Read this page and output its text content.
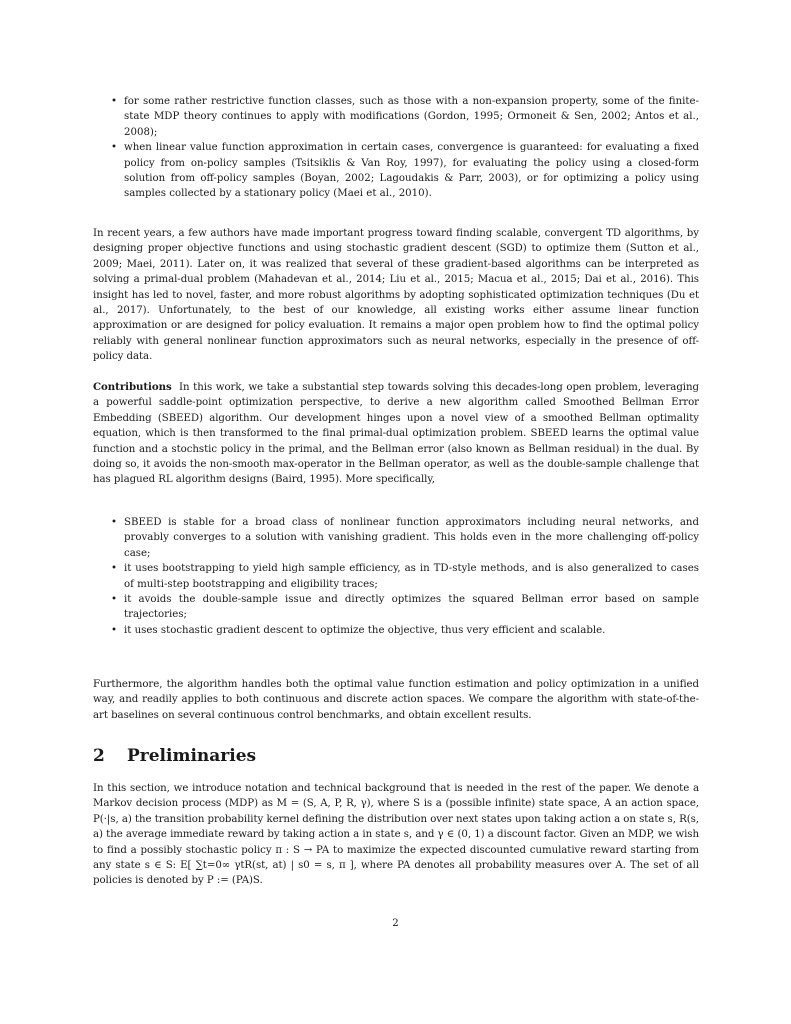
• for some rather restrictive function classes, such as those with a non-expansion property, some of the finite-state MDP theory continues to apply with modifications (Gordon, 1995; Ormoneit & Sen, 2002; Antos et al., 2008);
• when linear value function approximation in certain cases, convergence is guaranteed: for evaluating a fixed policy from on-policy samples (Tsitsiklis & Van Roy, 1997), for evaluating the policy using a closed-form solution from off-policy samples (Boyan, 2002; Lagoudakis & Parr, 2003), or for optimizing a policy using samples collected by a stationary policy (Maei et al., 2010).

In recent years, a few authors have made important progress toward finding scalable, convergent TD algorithms, by designing proper objective functions and using stochastic gradient descent (SGD) to optimize them (Sutton et al., 2009; Maei, 2011). Later on, it was realized that several of these gradient-based algorithms can be interpreted as solving a primal-dual problem (Mahadevan et al., 2014; Liu et al., 2015; Macua et al., 2015; Dai et al., 2016). This insight has led to novel, faster, and more robust algorithms by adopting sophisticated optimization techniques (Du et al., 2017). Unfortunately, to the best of our knowledge, all existing works either assume linear function approximation or are designed for policy evaluation. It remains a major open problem how to find the optimal policy reliably with general nonlinear function approximators such as neural networks, especially in the presence of off-policy data.

Contributions In this work, we take a substantial step towards solving this decades-long open problem, leveraging a powerful saddle-point optimization perspective, to derive a new algorithm called Smoothed Bellman Error Embedding (SBEED) algorithm. Our development hinges upon a novel view of a smoothed Bellman optimality equation, which is then transformed to the final primal-dual optimization problem. SBEED learns the optimal value function and a stochstic policy in the primal, and the Bellman error (also known as Bellman residual) in the dual. By doing so, it avoids the non-smooth max-operator in the Bellman operator, as well as the double-sample challenge that has plagued RL algorithm designs (Baird, 1995). More specifically,

• SBEED is stable for a broad class of nonlinear function approximators including neural networks, and provably converges to a solution with vanishing gradient. This holds even in the more challenging off-policy case;
• it uses bootstrapping to yield high sample efficiency, as in TD-style methods, and is also generalized to cases of multi-step bootstrapping and eligibility traces;
• it avoids the double-sample issue and directly optimizes the squared Bellman error based on sample trajectories;
• it uses stochastic gradient descent to optimize the objective, thus very efficient and scalable.

Furthermore, the algorithm handles both the optimal value function estimation and policy optimization in a unified way, and readily applies to both continuous and discrete action spaces. We compare the algorithm with state-of-the-art baselines on several continuous control benchmarks, and obtain excellent results.

2 Preliminaries

In this section, we introduce notation and technical background that is needed in the rest of the paper. We denote a Markov decision process (MDP) as M = (S, A, P, R, γ), where S is a (possible infinite) state space, A an action space, P(·|s, a) the transition probability kernel defining the distribution over next states upon taking action a on state s, R(s, a) the average immediate reward by taking action a in state s, and γ ∈ (0, 1) a discount factor. Given an MDP, we wish to find a possibly stochastic policy π : S → PA to maximize the expected discounted cumulative reward starting from any state s ∈ S: E[ ∑t=0∞ γtR(st, at) | s0 = s, π ], where PA denotes all probability measures over A. The set of all policies is denoted by P := (PA)S.

2
